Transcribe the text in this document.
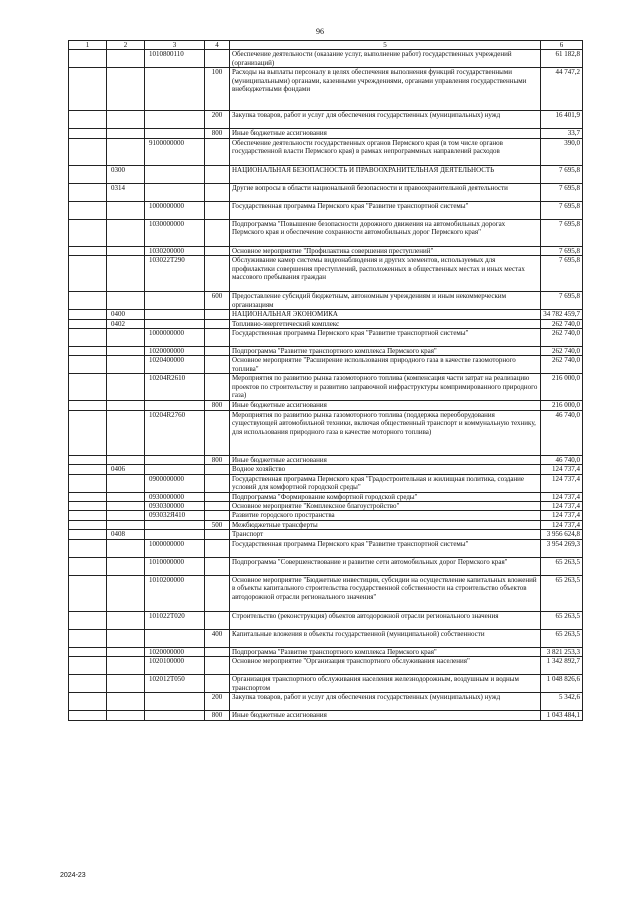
96
1	2	3	4	5	6
		1010800110		Обеспечение деятельности (оказание услуг, выполнение работ) государственных учреждений (организаций)	61 182,8
			100	Расходы на выплаты персоналу в целях обеспечения выполнения функций государственными (муниципальными) органами, казенными учреждениями, органами управления государственными внебюджетными фондами	44 747,2
			200	Закупка товаров, работ и услуг для обеспечения государственных (муниципальных) нужд	16 401,9
			800	Иные бюджетные ассигнования	33,7
		9100000000		Обеспечение деятельности государственных органов Пермского края (в том числе органов государственной власти Пермского края) в рамках непрограммных направлений расходов	390,0
	0300			НАЦИОНАЛЬНАЯ БЕЗОПАСНОСТЬ И ПРАВООХРАНИТЕЛЬНАЯ ДЕЯТЕЛЬНОСТЬ	7 695,8
	0314			Другие вопросы в области национальной безопасности и правоохранительной деятельности	7 695,8
		1000000000		Государственная программа Пермского края "Развитие транспортной системы"	7 695,8
		1030000000		Подпрограмма "Повышение безопасности дорожного движения на автомобильных дорогах Пермского края и обеспечение сохранности автомобильных дорог Пермского края"	7 695,8
		1030200000		Основное мероприятие "Профилактика совершения преступлений"	7 695,8
		103022T290		Обслуживание камер системы видеонаблюдения и других элементов, используемых для профилактики совершения преступлений, расположенных в общественных местах и иных местах массового пребывания граждан	7 695,8
			600	Предоставление субсидий бюджетным, автономным учреждениям и иным некоммерческим организациям	7 695,8
	0400			НАЦИОНАЛЬНАЯ ЭКОНОМИКА	34 782 459,7
	0402			Топливно-энергетический комплекс	262 740,0
		1000000000		Государственная программа Пермского края "Развитие транспортной системы"	262 740,0
		1020000000		Подпрограмма "Развитие транспортного комплекса Пермского края"	262 740,0
		1020400000		Основное мероприятие "Расширение использования природного газа в качестве газомоторного топлива"	262 740,0
		10204R2610		Мероприятия по развитию рынка газомоторного топлива (компенсация части затрат на реализацию проектов по строительству и развитию заправочной инфраструктуры компримированного природного газа)	216 000,0
			800	Иные бюджетные ассигнования	216 000,0
		10204R2760		Мероприятия по развитию рынка газомоторного топлива (поддержка переоборудования существующей автомобильной техники, включая общественный транспорт и коммунальную технику, для использования природного газа в качестве моторного топлива)	46 740,0
			800	Иные бюджетные ассигнования	46 740,0
	0406			Водное хозяйство	124 737,4
		0900000000		Государственная программа Пермского края "Градостроительная и жилищная политика, создание условий для комфортной городской среды"	124 737,4
		0930000000		Подпрограмма "Формирование комфортной городской среды"	124 737,4
		0930300000		Основное мероприятие "Комплексное благоустройство"	124 737,4
		093032Я410		Развитие городского пространства	124 737,4
			500	Межбюджетные трансферты	124 737,4
	0408			Транспорт	3 956 624,8
		1000000000		Государственная программа Пермского края "Развитие транспортной системы"	3 954 269,3
		1010000000		Подпрограмма "Совершенствование и развитие сети автомобильных дорог Пермского края"	65 263,5
		1010200000		Основное мероприятие "Бюджетные инвестиции, субсидии на осуществление капитальных вложений в объекты капитального строительства государственной собственности на строительство объектов автодорожной отрасли регионального значения"	65 263,5
		101022Т020		Строительство (реконструкция) объектов автодорожной отрасли регионального значения	65 263,5
			400	Капитальные вложения в объекты государственной (муниципальной) собственности	65 263,5
		1020000000		Подпрограмма "Развитие транспортного комплекса Пермского края"	3 821 253,3
		1020100000		Основное мероприятие "Организация транспортного обслуживания населения"	1 342 892,7
		102012T050		Организация транспортного обслуживания населения железнодорожным, воздушным и водным транспортом	1 048 826,6
			200	Закупка товаров, работ и услуг для обеспечения государственных (муниципальных) нужд	5 342,6
			800	Иные бюджетные ассигнования	1 043 484,1
2024-23
